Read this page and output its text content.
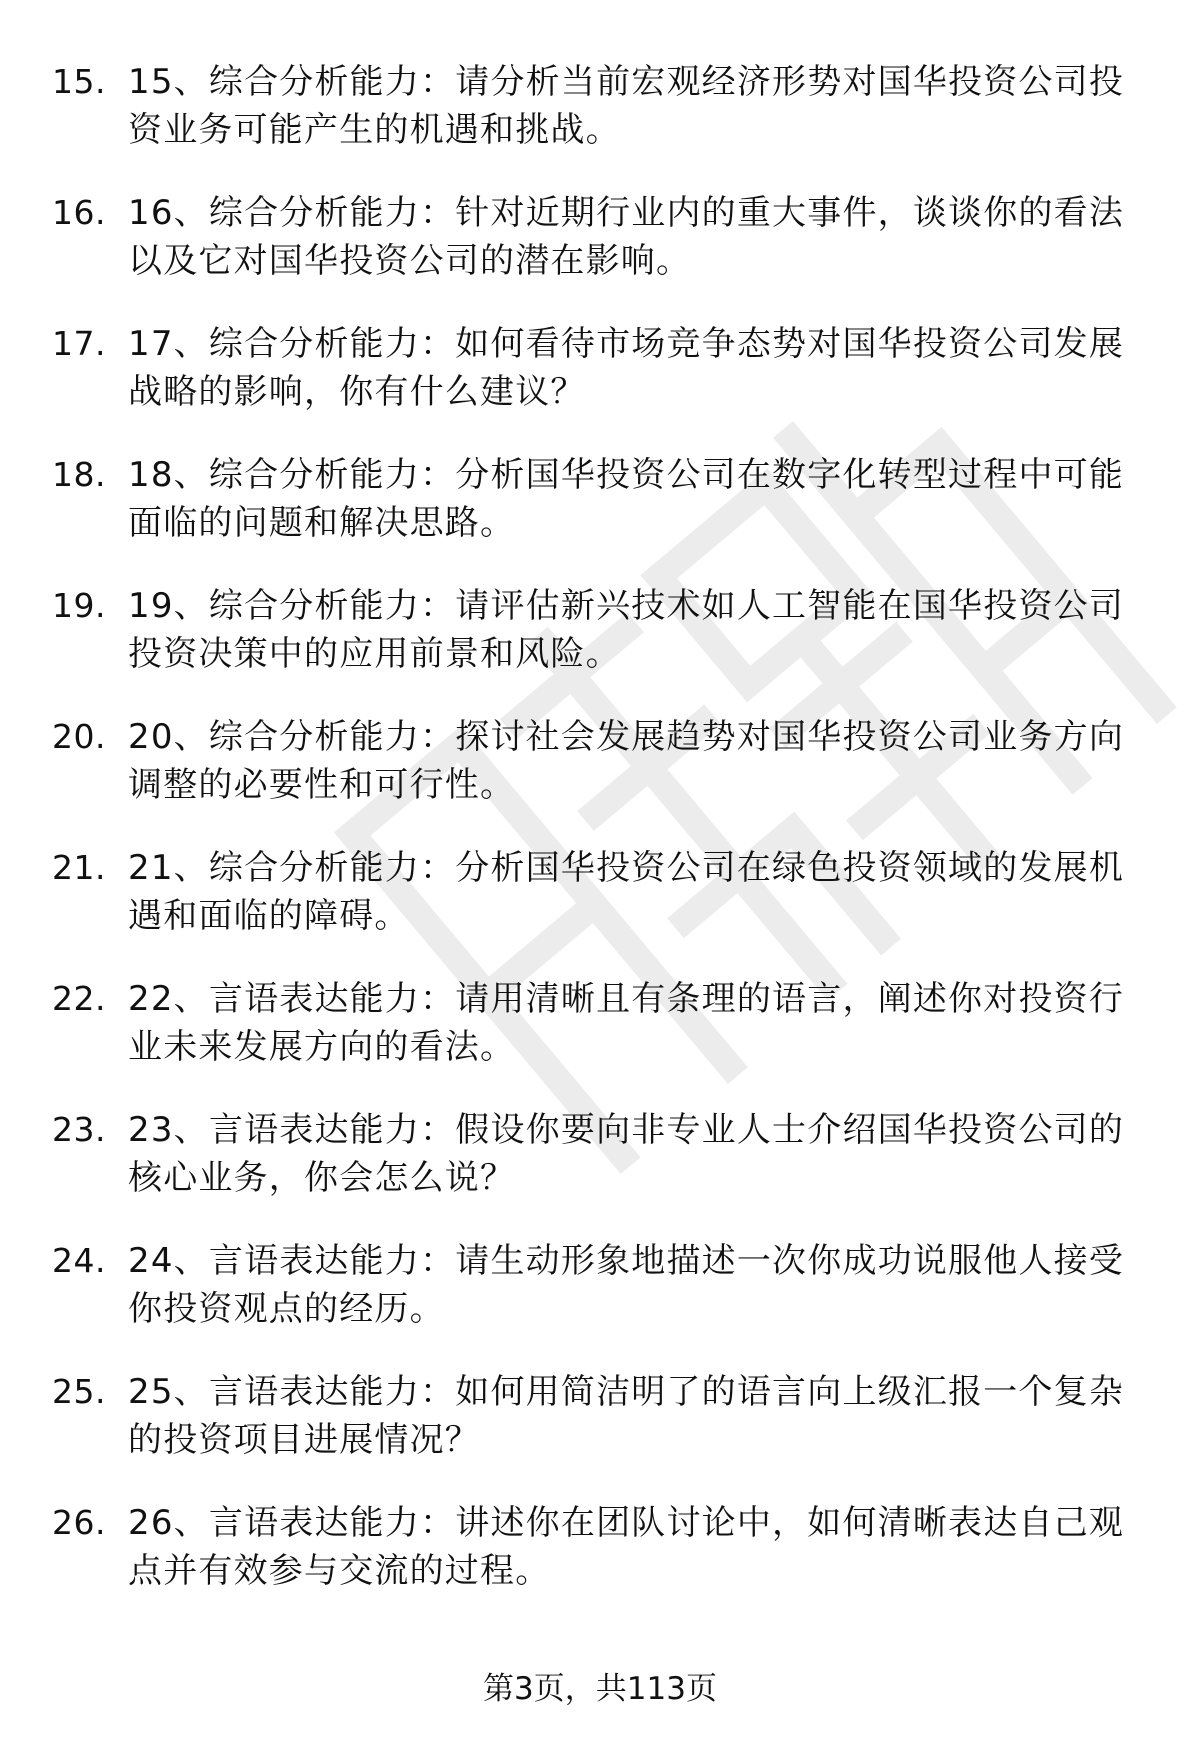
15. 15、综合分析能力：请分析当前宏观经济形势对国华投资公司投资业务可能产生的机遇和挑战。
16. 16、综合分析能力：针对近期行业内的重大事件，谈谈你的看法以及它对国华投资公司的潜在影响。
17. 17、综合分析能力：如何看待市场竞争态势对国华投资公司发展战略的影响，你有什么建议？
18. 18、综合分析能力：分析国华投资公司在数字化转型过程中可能面临的问题和解决思路。
19. 19、综合分析能力：请评估新兴技术如人工智能在国华投资公司投资决策中的应用前景和风险。
20. 20、综合分析能力：探讨社会发展趋势对国华投资公司业务方向调整的必要性和可行性。
21. 21、综合分析能力：分析国华投资公司在绿色投资领域的发展机遇和面临的障碍。
22. 22、言语表达能力：请用清晰且有条理的语言，阐述你对投资行业未来发展方向的看法。
23. 23、言语表达能力：假设你要向非专业人士介绍国华投资公司的核心业务，你会怎么说？
24. 24、言语表达能力：请生动形象地描述一次你成功说服他人接受你投资观点的经历。
25. 25、言语表达能力：如何用简洁明了的语言向上级汇报一个复杂的投资项目进展情况？
26. 26、言语表达能力：讲述你在团队讨论中，如何清晰表达自己观点并有效参与交流的过程。
第3页，共113页
